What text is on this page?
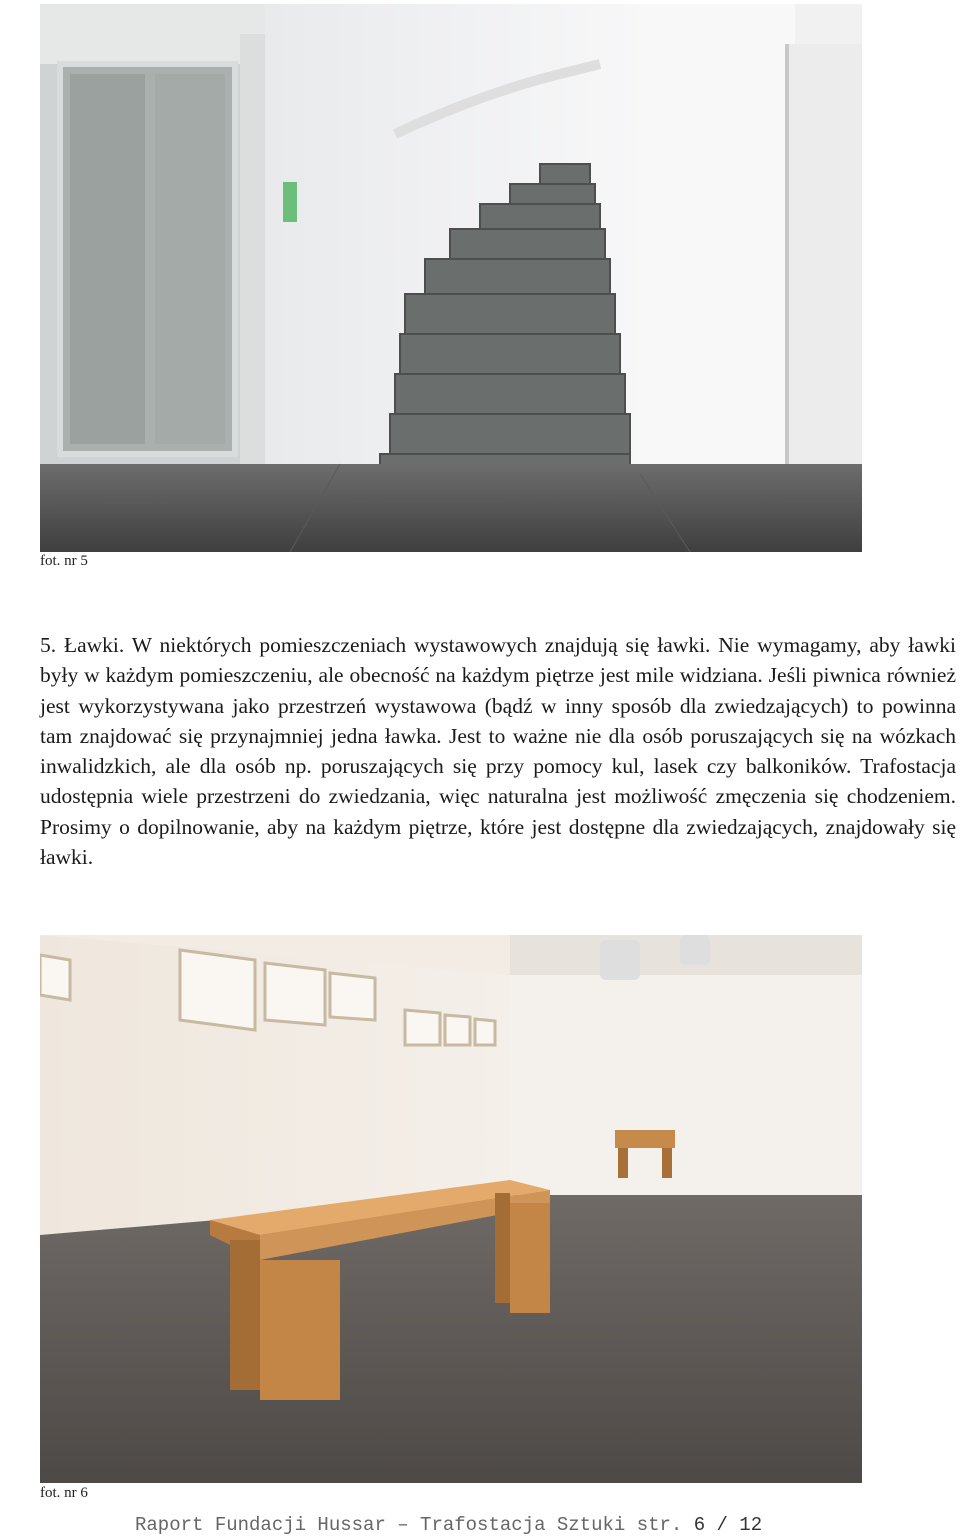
fot. nr 5
5. Ławki. W niektórych pomieszczeniach wystawowych znajdują się ławki. Nie wymagamy, aby ławki były w każdym pomieszczeniu, ale obecność na każdym piętrze jest mile widziana. Jeśli piwnica również jest wykorzystywana jako przestrzeń wystawowa (bądź w inny sposób dla zwiedzających) to powinna tam znajdować się przynajmniej jedna ławka. Jest to ważne nie dla osób poruszających się na wózkach inwalidzkich, ale dla osób np. poruszających się przy pomocy kul, lasek czy balkoników. Trafostacja udostępnia wiele przestrzeni do zwiedzania, więc naturalna jest możliwość zmęczenia się chodzeniem. Prosimy o dopilnowanie, aby na każdym piętrze, które jest dostępne dla zwiedzających, znajdowały się ławki.
fot. nr 6
Raport Fundacji Hussar – Trafostacja Sztuki str. 6 / 12
